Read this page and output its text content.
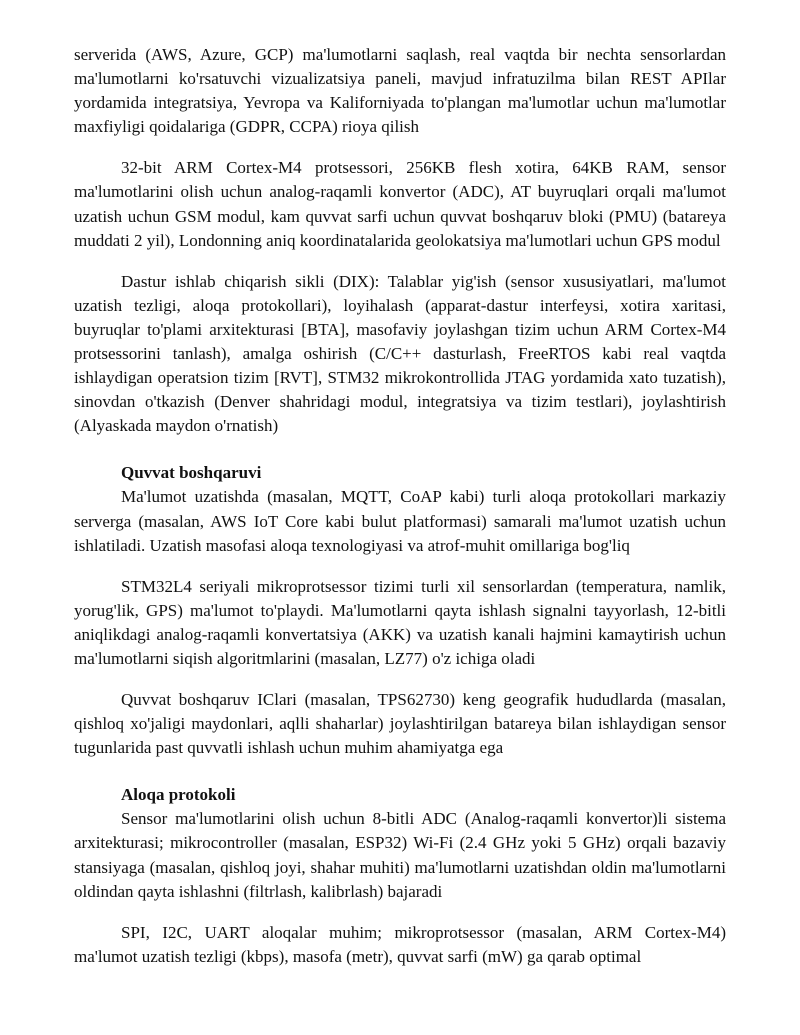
serverida (AWS, Azure, GCP) ma'lumotlarni saqlash, real vaqtda bir nechta sensorlardan ma'lumotlarni ko'rsatuvchi vizualizatsiya paneli, mavjud infratuzilma bilan REST APIlar yordamida integratsiya, Yevropa va Kaliforniyada to'plangan ma'lumotlar uchun ma'lumotlar maxfiyligi qoidalariga (GDPR, CCPA) rioya qilish

32-bit ARM Cortex-M4 protsessori, 256KB flesh xotira, 64KB RAM, sensor ma'lumotlarini olish uchun analog-raqamli konvertor (ADC), AT buyruqlari orqali ma'lumot uzatish uchun GSM modul, kam quvvat sarfi uchun quvvat boshqaruv bloki (PMU) (batareya muddati 2 yil), Londonning aniq koordinatalarida geolokatsiya ma'lumotlari uchun GPS modul

Dastur ishlab chiqarish sikli (DIX): Talablar yig'ish (sensor xususiyatlari, ma'lumot uzatish tezligi, aloqa protokollari), loyihalash (apparat-dastur interfeysi, xotira xaritasi, buyruqlar to'plami arxitekturasi [BTA], masofaviy joylashgan tizim uchun ARM Cortex-M4 protsessorini tanlash), amalga oshirish (C/C++ dasturlash, FreeRTOS kabi real vaqtda ishlaydigan operatsion tizim [RVT], STM32 mikrokontrollida JTAG yordamida xato tuzatish), sinovdan o'tkazish (Denver shahridagi modul, integratsiya va tizim testlari), joylashtirish (Alyaskada maydon o'rnatish)

Quvvat boshqaruvi

Ma'lumot uzatishda (masalan, MQTT, CoAP kabi) turli aloqa protokollari markaziy serverga (masalan, AWS IoT Core kabi bulut platformasi) samarali ma'lumot uzatish uchun ishlatiladi. Uzatish masofasi aloqa texnologiyasi va atrof-muhit omillariga bog'liq

STM32L4 seriyali mikroprotsessor tizimi turli xil sensorlardan (temperatura, namlik, yorug'lik, GPS) ma'lumot to'playdi. Ma'lumotlarni qayta ishlash signalni tayyorlash, 12-bitli aniqlikdagi analog-raqamli konvertatsiya (AKK) va uzatish kanali hajmini kamaytirish uchun ma'lumotlarni siqish algoritmlarini (masalan, LZ77) o'z ichiga oladi

Quvvat boshqaruv IClari (masalan, TPS62730) keng geografik hududlarda (masalan, qishloq xo'jaligi maydonlari, aqlli shaharlar) joylashtirilgan batareya bilan ishlaydigan sensor tugunlarida past quvvatli ishlash uchun muhim ahamiyatga ega

Aloqa protokoli

Sensor ma'lumotlarini olish uchun 8-bitli ADC (Analog-raqamli konvertor)li sistema arxitekturasi; mikrocontroller (masalan, ESP32) Wi-Fi (2.4 GHz yoki 5 GHz) orqali bazaviy stansiyaga (masalan, qishloq joyi, shahar muhiti) ma'lumotlarni uzatishdan oldin ma'lumotlarni oldindan qayta ishlashni (filtrlash, kalibrlash) bajaradi

SPI, I2C, UART aloqalar muhim; mikroprotsessor (masalan, ARM Cortex-M4) ma'lumot uzatish tezligi (kbps), masofa (metr), quvvat sarfi (mW) ga qarab optimal
